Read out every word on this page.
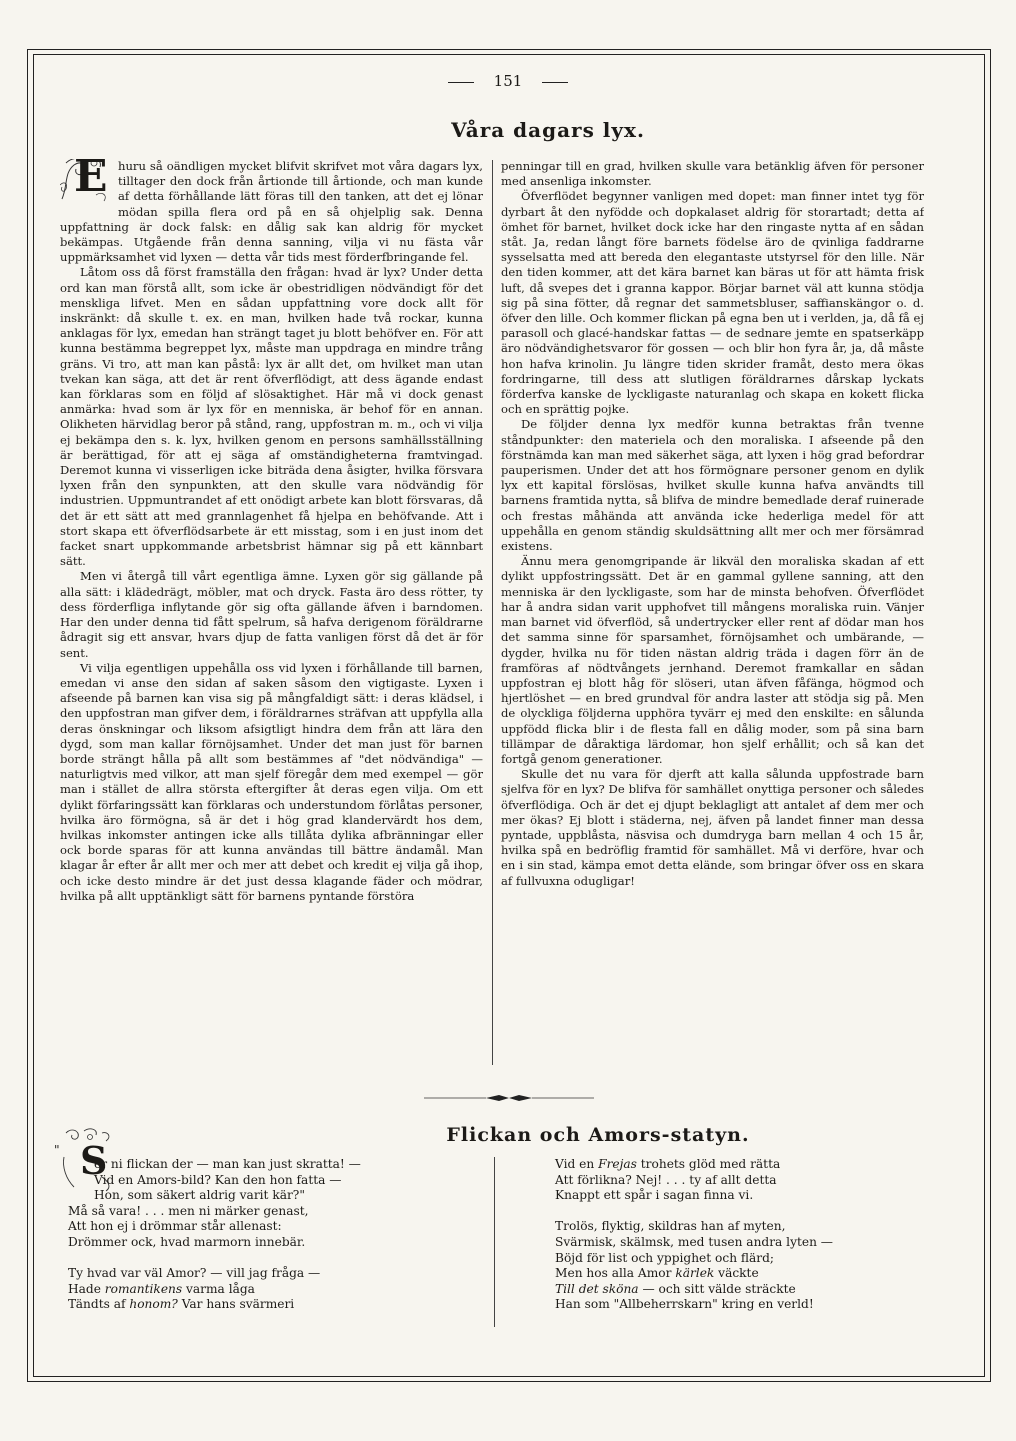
151
Våra dagars lyx.
E huru så oändligen mycket blifvit skrifvet mot våra dagars lyx, tilltager den dock från årtionde till årtionde, och man kunde af detta förhållande lätt föras till den tanken, att det ej lönar mödan spilla flera ord på en så ohjelplig sak. Denna uppfattning är dock falsk: en dålig sak kan aldrig för mycket bekämpas. Utgående från denna sanning, vilja vi nu fästa vår uppmärksamhet vid lyxen — detta vår tids mest förderfbringande fel.

Låtom oss då först framställa den frågan: hvad är lyx? Under detta ord kan man förstå allt, som icke är obestridligen nödvändigt för det menskliga lifvet. Men en sådan uppfattning vore dock allt för inskränkt: då skulle t. ex. en man, hvilken hade två rockar, kunna anklagas för lyx, emedan han strängt taget ju blott behöfver en. För att kunna bestämma begreppet lyx, måste man uppdraga en mindre trång gräns. Vi tro, att man kan påstå: lyx är allt det, om hvilket man utan tvekan kan säga, att det är rent öfverflödigt, att dess ägande endast kan förklaras som en följd af slösaktighet. Här må vi dock genast anmärka: hvad som är lyx för en menniska, är behof för en annan. Olikheten härvidlag beror på stånd, rang, uppfostran m. m., och vi vilja ej bekämpa den s. k. lyx, hvilken genom en persons samhällsställning är berättigad, för att ej säga af omständigheterna framtvingad. Deremot kunna vi visserligen icke biträda dena åsigter, hvilka försvara lyxen från den synpunkten, att den skulle vara nödvändig för industrien. Uppmuntrandet af ett onödigt arbete kan blott försvaras, då det är ett sätt att med grannlagenhet få hjelpa en behöfvande. Att i stort skapa ett öfverflödsarbete är ett misstag, som i en just inom det facket snart uppkommande arbetsbrist hämnar sig på ett kännbart sätt.

Men vi återgå till vårt egentliga ämne. Lyxen gör sig gällande på alla sätt: i klädedrägt, möbler, mat och dryck. Fasta äro dess rötter, ty dess förderfliga inflytande gör sig ofta gällande äfven i barndomen. Har den under denna tid fått spelrum, så hafva derigenom föräldrarne ådragit sig ett ansvar, hvars djup de fatta vanligen först då det är för sent.

Vi vilja egentligen uppehålla oss vid lyxen i förhållande till barnen, emedan vi anse den sidan af saken såsom den vigtigaste. Lyxen i afseende på barnen kan visa sig på mångfaldigt sätt: i deras klädsel, i den uppfostran man gifver dem, i föräldrarnes sträfvan att uppfylla alla deras önskningar och liksom afsigtligt hindra dem från att lära den dygd, som man kallar förnöjsamhet. Under det man just för barnen borde strängt hålla på allt som bestämmes af "det nödvändiga" — naturligtvis med vilkor, att man sjelf föregår dem med exempel — gör man i stället de allra största eftergifter åt deras egen vilja. Om ett dylikt förfaringssätt kan förklaras och understundom förlåtas personer, hvilka äro förmögna, så är det i hög grad klandervärdt hos dem, hvilkas inkomster antingen icke alls tillåta dylika afbränningar eller ock borde sparas för att kunna användas till bättre ändamål. Man klagar år efter år allt mer och mer att debet och kredit ej vilja gå ihop, och icke desto mindre är det just dessa klagande fäder och mödrar, hvilka på allt upptänkligt sätt för barnens pyntande förstöra

penningar till en grad, hvilken skulle vara betänklig äfven för personer med ansenliga inkomster.

Öfverflödet begynner vanligen med dopet: man finner intet tyg för dyrbart åt den nyfödde och dopkalaset aldrig för storartadt; detta af ömhet för barnet, hvilket dock icke har den ringaste nytta af en sådan ståt. Ja, redan långt före barnets födelse äro de qvinliga faddrarne sysselsatta med att bereda den elegantaste utstyrsel för den lille. När den tiden kommer, att det kära barnet kan bäras ut för att hämta frisk luft, då svepes det i granna kappor. Börjar barnet väl att kunna stödja sig på sina fötter, då regnar det sammetsbluser, saffianskängor o. d. öfver den lille. Och kommer flickan på egna ben ut i verlden, ja, då få ej parasoll och glacé-handskar fattas — de sednare jemte en spatserkäpp äro nödvändighetsvaror för gossen — och blir hon fyra år, ja, då måste hon hafva krinolin. Ju längre tiden skrider framåt, desto mera ökas fordringarne, till dess att slutligen föräldrarnes dårskap lyckats förderfva kanske de lyckligaste naturanlag och skapa en kokett flicka och en sprättig pojke.

De följder denna lyx medför kunna betraktas från tvenne ståndpunkter: den materiela och den moraliska. I afseende på den förstnämda kan man med säkerhet säga, att lyxen i hög grad befordrar pauperismen. Under det att hos förmögnare personer genom en dylik lyx ett kapital förslösas, hvilket skulle kunna hafva användts till barnens framtida nytta, så blifva de mindre bemedlade deraf ruinerade och frestas måhända att använda icke hederliga medel för att uppehålla en genom ständig skuldsättning allt mer och mer försämrad existens.

Ännu mera genomgripande är likväl den moraliska skadan af ett dylikt uppfostringssätt. Det är en gammal gyllene sanning, att den menniska är den lyckligaste, som har de minsta behofven. Öfverflödet har å andra sidan varit upphofvet till mångens moraliska ruin. Vänjer man barnet vid öfverflöd, så undertrycker eller rent af dödar man hos det samma sinne för sparsamhet, förnöjsamhet och umbärande, — dygder, hvilka nu för tiden nästan aldrig träda i dagen förr än de framföras af nödtvångets jernhand. Deremot framkallar en sådan uppfostran ej blott håg för slöseri, utan äfven fåfänga, högmod och hjertlöshet — en bred grundval för andra laster att stödja sig på. Men de olyckliga följderna upphöra tyvärr ej med den enskilte: en sålunda uppfödd flicka blir i de flesta fall en dålig moder, som på sina barn tillämpar de dåraktiga lärdomar, hon sjelf erhållit; och så kan det fortgå genom generationer.

Skulle det nu vara för djerft att kalla sålunda uppfostrade barn sjelfva för en lyx? De blifva för samhället onyttiga personer och således öfverflödiga. Och är det ej djupt beklagligt att antalet af dem mer och mer ökas? Ej blott i städerna, nej, äfven på landet finner man dessa pyntade, uppblåsta, näsvisa och dumdryga barn mellan 4 och 15 år, hvilka spå en bedröflig framtid för samhället. Må vi derföre, hvar och en i sin stad, kämpa emot detta elände, som bringar öfver oss en skara af fullvuxna odugligar!

Flickan och Amors-statyn.
S
"
er ni flickan der — man kan just skratta! —
Vid en Amors-bild? Kan den hon fatta —
Hon, som säkert aldrig varit kär?"
Må så vara! . . . men ni märker genast,
Att hon ej i drömmar står allenast:
Drömmer ock, hvad marmorn innebär.
Ty hvad var väl Amor? — vill jag fråga —
Hade romantikens varma låga
Tändts af honom? Var hans svärmeri
Vid en Frejas trohets glöd med rätta
Att förlikna? Nej! . . . ty af allt detta
Knappt ett spår i sagan finna vi.
Trolös, flyktig, skildras han af myten,
Svärmisk, skälmsk, med tusen andra lyten —
Böjd för list och yppighet och flärd;
Men hos alla Amor kärlek väckte
Till det sköna — och sitt välde sträckte
Han som "Allbeherrskarn" kring en verld!
